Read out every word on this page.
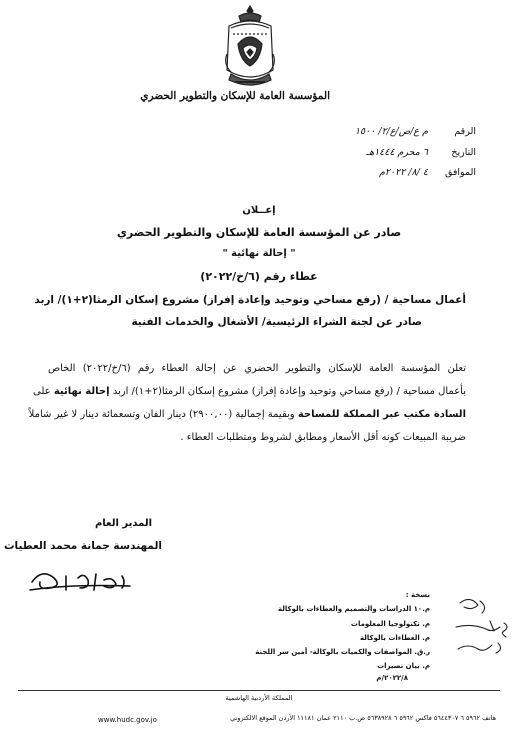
المؤسسة العامة للإسكان والتطوير الحضري
الرقم
م ع/ص/ع/٢/ ١٥٠٠
التاريخ
٦ محرم ١٤٤٤هـ
الموافق
٤ /٨/ ٢٠٢٢م
إعــلان
صادر عن المؤسسة العامة للإسكان والتطوير الحضري
" إحالة نهائية "
عطاء رقم (٦/خ/٢٠٢٢)
أعمال مساحية / (رفع مساحي وتوحيد وإعادة إفراز) مشروع إسكان الرمثا(٢+١)/ اربد
صادر عن لجنة الشراء الرئيسية/ الأشغال والخدمات الفنية
تعلن المؤسسة العامة للإسكان والتطوير الحضري عن إحالة العطاء رقم (٦/خ/٢٠٢٢) الخاص
بأعمال مساحية / (رفع مساحي وتوحيد وإعادة إفراز) مشروع إسكان الرمثا(٢+١)/ اربد إحالة نهائية على
السادة مكتب عبر المملكة للمساحة وبقيمة إجمالية (٢٩٠٠,٠٠) دينار الفان وتسعمائة دينار لا غير شاملاً
ضريبة المبيعات كونه أقل الأسعار ومطابق لشروط ومتطلبات العطاء .
المدير العام
المهندسة جمانة محمد العطيات
نسخة :
م.١٠ الدراسات والتصميم والعطاءات بالوكالة
م. تكنولوجيا المعلومات
م. العطاءات بالوكالة
ر.ق. المواصفات والكميات بالوكالة- أمين سر اللجنة
م. بيان نصيرات
٢٠٢٢/٨/م
المملكة الأردنية الهاشمية
هاتف ٥٩٦٢ ٦ ٥٦٤٤٣٠٧ فاكس ٥٩٦٢ ٦ ٥٦٣٨٩٢٨ ص.ب ٢١١٠ عمان ١١١٨١ الأردن الموقع الالكتروني
www.hudc.gov.jo
